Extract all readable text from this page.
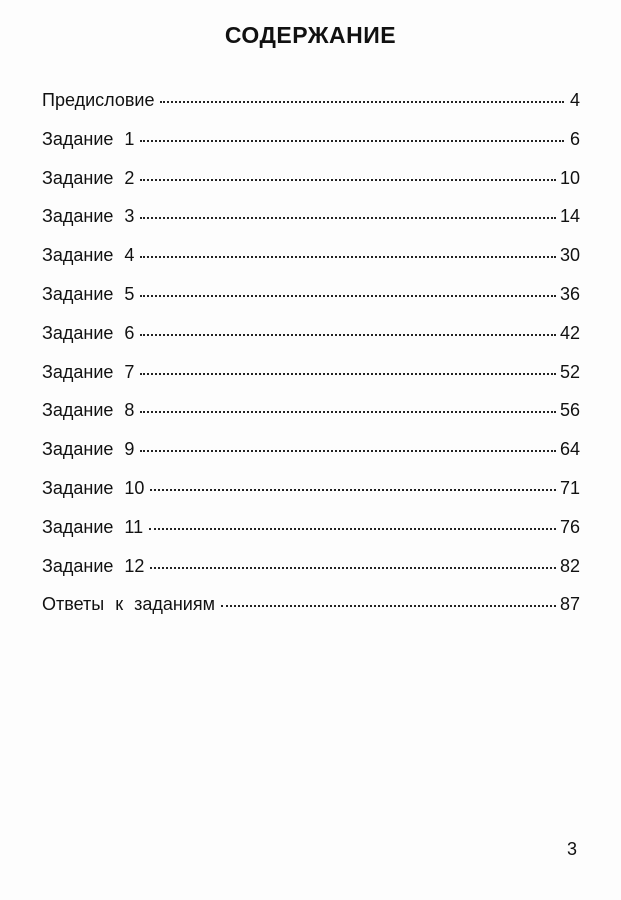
СОДЕРЖАНИЕ
Предисловие	4
Задание 1	6
Задание 2	10
Задание 3	14
Задание 4	30
Задание 5	36
Задание 6	42
Задание 7	52
Задание 8	56
Задание 9	64
Задание 10	71
Задание 11	76
Задание 12	82
Ответы к заданиям	87
3
